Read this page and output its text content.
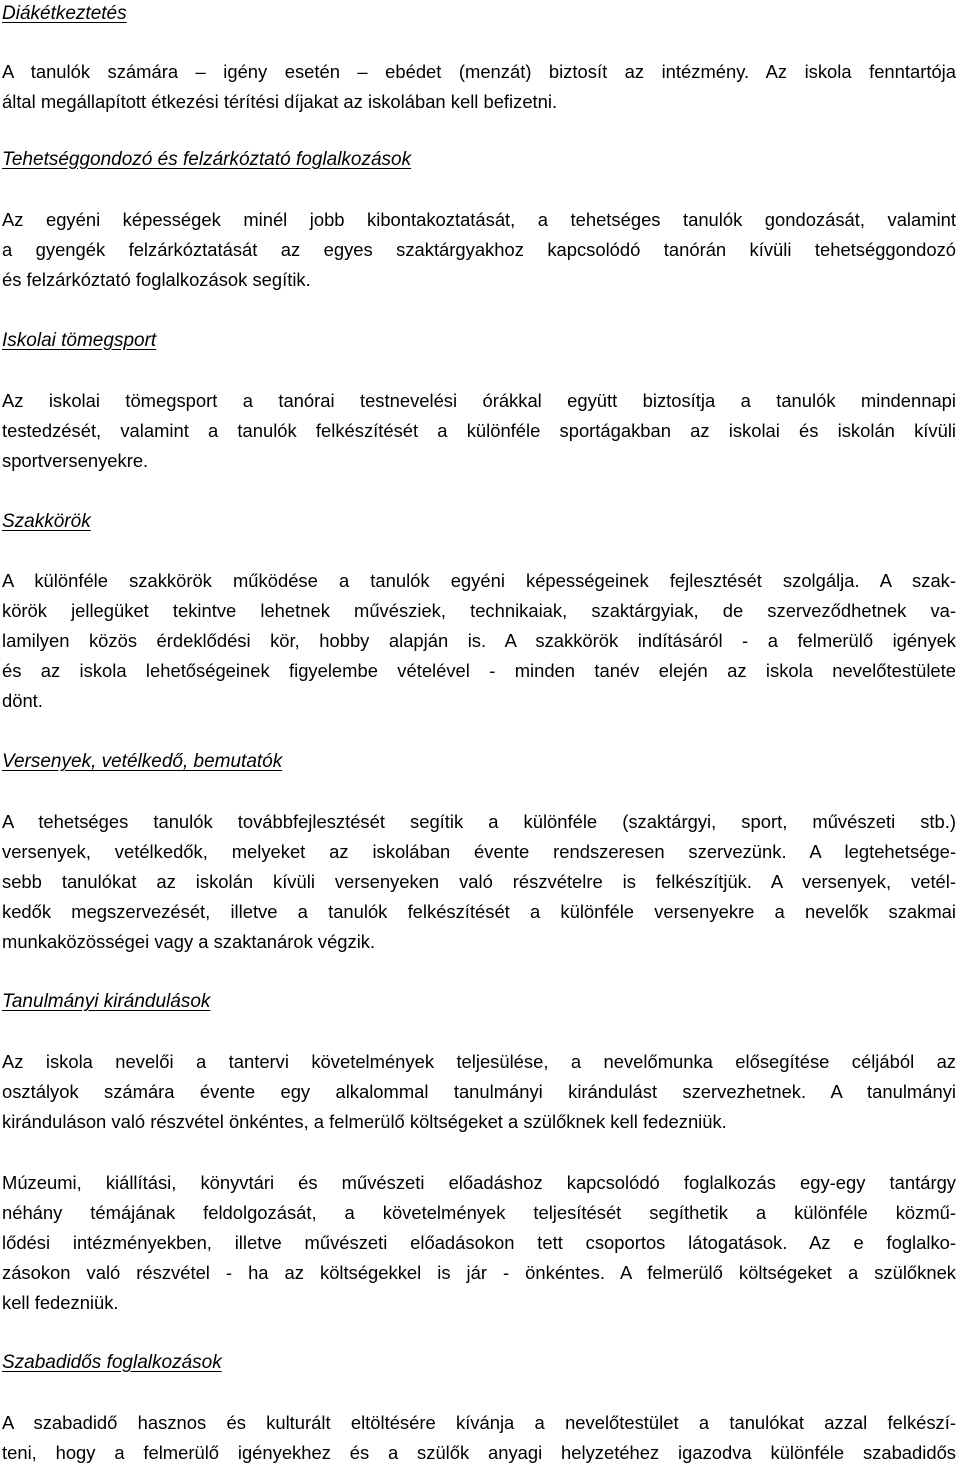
Diákétkeztetés
A tanulók számára – igény esetén – ebédet (menzát) biztosít az intézmény. Az iskola fenntartója
által megállapított étkezési térítési díjakat az iskolában kell befizetni.
Tehetséggondozó és felzárkóztató foglalkozások
Az egyéni képességek minél jobb kibontakoztatását, a tehetséges tanulók gondozását, valamint
a gyengék felzárkóztatását az egyes szaktárgyakhoz kapcsolódó tanórán kívüli tehetséggondozó
és felzárkóztató foglalkozások segítik.
Iskolai tömegsport
Az iskolai tömegsport a tanórai testnevelési órákkal együtt biztosítja a tanulók mindennapi
testedzését, valamint a tanulók felkészítését a különféle sportágakban az iskolai és iskolán kívüli
sportversenyekre.
Szakkörök
A különféle szakkörök működése a tanulók egyéni képességeinek fejlesztését szolgálja. A szak-
körök jellegüket tekintve lehetnek művésziek, technikaiak, szaktárgyiak, de szerveződhetnek va-
lamilyen közös érdeklődési kör, hobby alapján is. A szakkörök indításáról - a felmerülő igények
és az iskola lehetőségeinek figyelembe vételével - minden tanév elején az iskola nevelőtestülete
dönt.
Versenyek, vetélkedő, bemutatók
A tehetséges tanulók továbbfejlesztését segítik a különféle (szaktárgyi, sport, művészeti stb.)
versenyek, vetélkedők, melyeket az iskolában évente rendszeresen szervezünk. A legtehetsége-
sebb tanulókat az iskolán kívüli versenyeken való részvételre is felkészítjük. A versenyek, vetél-
kedők megszervezését, illetve a tanulók felkészítését a különféle versenyekre a nevelők szakmai
munkaközösségei vagy a szaktanárok végzik.
Tanulmányi kirándulások
Az iskola nevelői a tantervi követelmények teljesülése, a nevelőmunka elősegítése céljából az
osztályok számára évente egy alkalommal tanulmányi kirándulást szervezhetnek. A tanulmányi
kiránduláson való részvétel önkéntes, a felmerülő költségeket a szülőknek kell fedezniük.
Múzeumi, kiállítási, könyvtári és művészeti előadáshoz kapcsolódó foglalkozás egy-egy tantárgy
néhány témájának feldolgozását, a követelmények teljesítését segíthetik a különféle közmű-
lődési intézményekben, illetve művészeti előadásokon tett csoportos látogatások. Az e foglalko-
zásokon való részvétel - ha az költségekkel is jár - önkéntes. A felmerülő költségeket a szülőknek
kell fedezniük.
Szabadidős foglalkozások
A szabadidő hasznos és kulturált eltöltésére kívánja a nevelőtestület a tanulókat azzal felkészí-
teni, hogy a felmerülő igényekhez és a szülők anyagi helyzetéhez igazodva különféle szabadidős
